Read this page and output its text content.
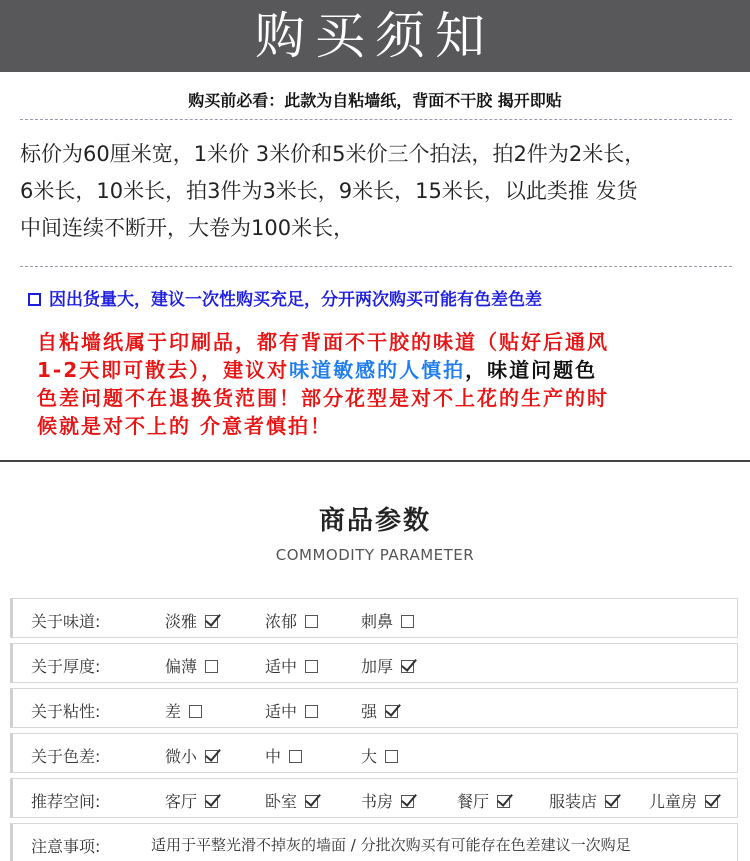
购买须知
购买前必看：此款为自粘墙纸，背面不干胶 揭开即贴
标价为60厘米宽，1米价 3米价和5米价三个拍法，拍2件为2米长，
6米长，10米长，拍3件为3米长，9米长，15米长，以此类推 发货
中间连续不断开，大卷为100米长，
因出货量大，建议一次性购买充足，分开两次购买可能有色差色差
自粘墙纸属于印刷品，都有背面不干胶的味道（贴好后通风
1-2天即可散去），建议对味道敏感的人慎拍，味道问题色
色差问题不在退换货范围！部分花型是对不上花的生产的时
候就是对不上的 介意者慎拍！
商品参数
COMMODITY PARAMETER
关于味道:	淡雅	浓郁	刺鼻
关于厚度:	偏薄	适中	加厚
关于粘性:	差	适中	强
关于色差:	微小	中	大
推荐空间:	客厅	卧室	书房	餐厅	服装店	儿童房
注意事项:	适用于平整光滑不掉灰的墙面 / 分批次购买有可能存在色差建议一次购足
